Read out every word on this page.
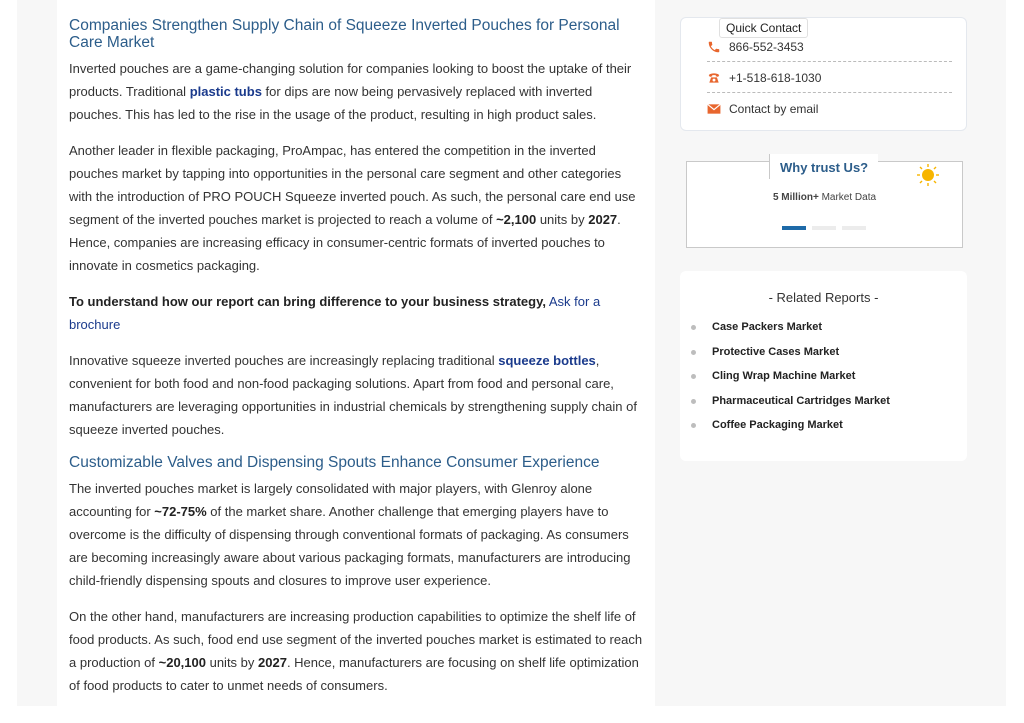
Companies Strengthen Supply Chain of Squeeze Inverted Pouches for Personal Care Market

Inverted pouches are a game-changing solution for companies looking to boost the uptake of their products. Traditional plastic tubs for dips are now being pervasively replaced with inverted pouches. This has led to the rise in the usage of the product, resulting in high product sales.

Another leader in flexible packaging, ProAmpac, has entered the competition in the inverted pouches market by tapping into opportunities in the personal care segment and other categories with the introduction of PRO POUCH Squeeze inverted pouch. As such, the personal care end use segment of the inverted pouches market is projected to reach a volume of ~2,100 units by 2027. Hence, companies are increasing efficacy in consumer-centric formats of inverted pouches to innovate in cosmetics packaging.

To understand how our report can bring difference to your business strategy, Ask for a brochure

Innovative squeeze inverted pouches are increasingly replacing traditional squeeze bottles, convenient for both food and non-food packaging solutions. Apart from food and personal care, manufacturers are leveraging opportunities in industrial chemicals by strengthening supply chain of squeeze inverted pouches.

Customizable Valves and Dispensing Spouts Enhance Consumer Experience

The inverted pouches market is largely consolidated with major players, with Glenroy alone accounting for ~72-75% of the market share. Another challenge that emerging players have to overcome is the difficulty of dispensing through conventional formats of packaging. As consumers are becoming increasingly aware about various packaging formats, manufacturers are introducing child-friendly dispensing spouts and closures to improve user experience.

On the other hand, manufacturers are increasing production capabilities to optimize the shelf life of food products. As such, food end use segment of the inverted pouches market is estimated to reach a production of ~20,100 units by 2027. Hence, manufacturers are focusing on shelf life optimization of food products to cater to unmet needs of consumers.

Quick Contact
866-552-3453
+1-518-618-1030
Contact by email
Why trust Us?
5 Million+ Market Data
- Related Reports -
Case Packers Market
Protective Cases Market
Cling Wrap Machine Market
Pharmaceutical Cartridges Market
Coffee Packaging Market
